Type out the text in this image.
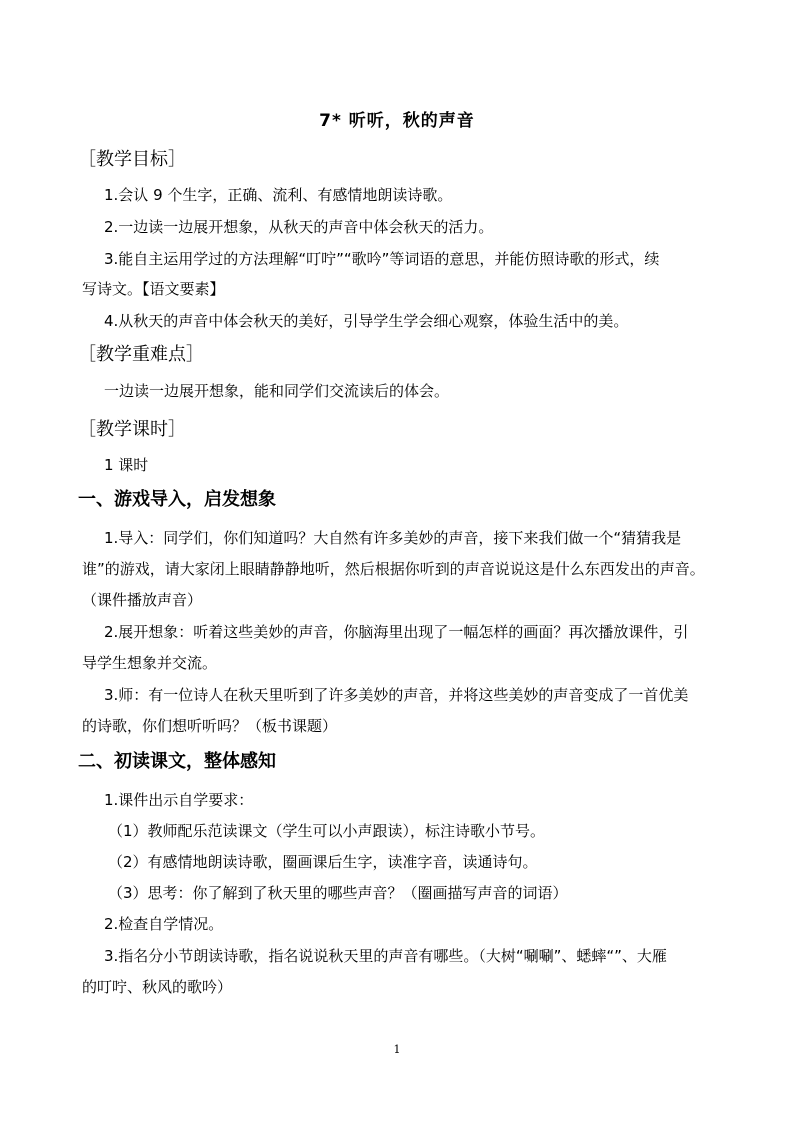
7* 听听，秋的声音
［教学目标］
1.会认 9 个生字，正确、流利、有感情地朗读诗歌。
2.一边读一边展开想象，从秋天的声音中体会秋天的活力。
3.能自主运用学过的方法理解“叮咛”“歌吟”等词语的意思，并能仿照诗歌的形式，续
写诗文。【语文要素】
4.从秋天的声音中体会秋天的美好，引导学生学会细心观察，体验生活中的美。
［教学重难点］
一边读一边展开想象，能和同学们交流读后的体会。
［教学课时］
1 课时
一、游戏导入，启发想象
1.导入：同学们，你们知道吗？大自然有许多美妙的声音，接下来我们做一个“猜猜我是
谁”的游戏，请大家闭上眼睛静静地听，然后根据你听到的声音说说这是什么东西发出的声音。
（课件播放声音）
2.展开想象：听着这些美妙的声音，你脑海里出现了一幅怎样的画面？再次播放课件，引
导学生想象并交流。
3.师：有一位诗人在秋天里听到了许多美妙的声音，并将这些美妙的声音变成了一首优美
的诗歌，你们想听听吗？（板书课题）
二、初读课文，整体感知
1.课件出示自学要求：
（1）教师配乐范读课文（学生可以小声跟读），标注诗歌小节号。
（2）有感情地朗读诗歌，圈画课后生字，读准字音，读通诗句。
（3）思考：你了解到了秋天里的哪些声音？（圈画描写声音的词语）
2.检查自学情况。
3.指名分小节朗读诗歌，指名说说秋天里的声音有哪些。（大树“唰唰”、蟋蟀“”、大雁
的叮咛、秋风的歌吟）
1
